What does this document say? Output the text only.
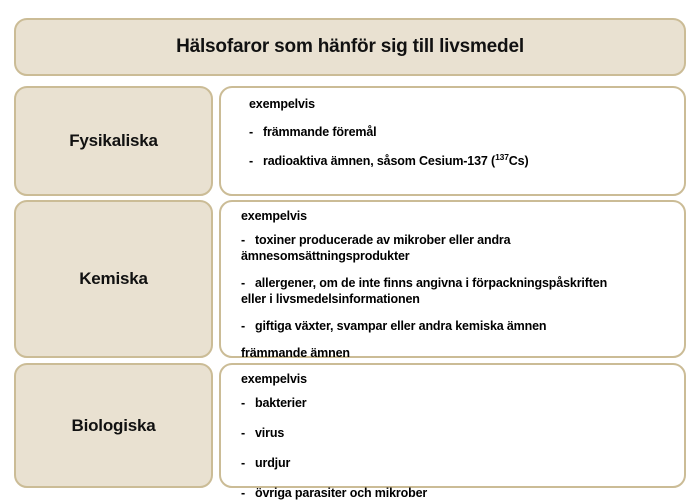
Hälsofaror som hänför sig till livsmedel
Fysikaliska

exempelvis

- främmande föremål

- radioaktiva ämnen, såsom Cesium-137 ($^{137}$Cs)

Kemiska

exempelvis

- toxiner producerade av mikrober eller andra
ämnesomsättningsprodukter

- allergener, om de inte finns angivna i förpackningspåskriften
eller i livsmedelsinformationen

- giftiga växter, svampar eller andra kemiska ämnen

främmande ämnen

Biologiska

exempelvis

- bakterier

- virus

- urdjur

- övriga parasiter och mikrober
